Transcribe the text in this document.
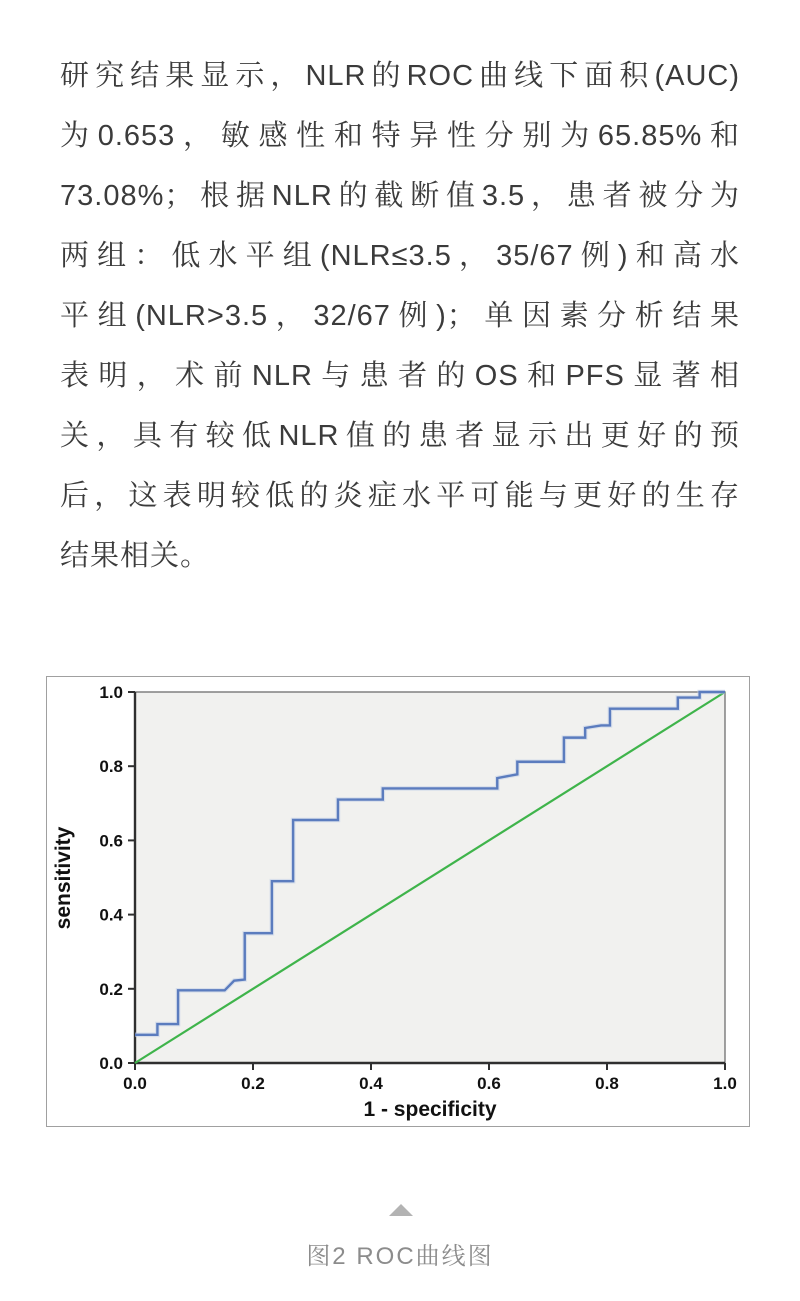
研究结果显示，NLR的ROC曲线下面积(AUC)
为0.653，敏感性和特异性分别为65.85%和
73.08%；根据NLR的截断值3.5，患者被分为
两组：低水平组(NLR≤3.5，35/67例)和高水
平组(NLR>3.5，32/67例)；单因素分析结果
表明，术前NLR与患者的OS和PFS显著相
关，具有较低NLR值的患者显示出更好的预
后，这表明较低的炎症水平可能与更好的生存
结果相关。
0.0	0.2	0.4	0.6	0.8	1.0
0.0
0.2
0.4
0.6
0.8
1.0
1 - specificity
sensitivity
图2 ROC曲线图
